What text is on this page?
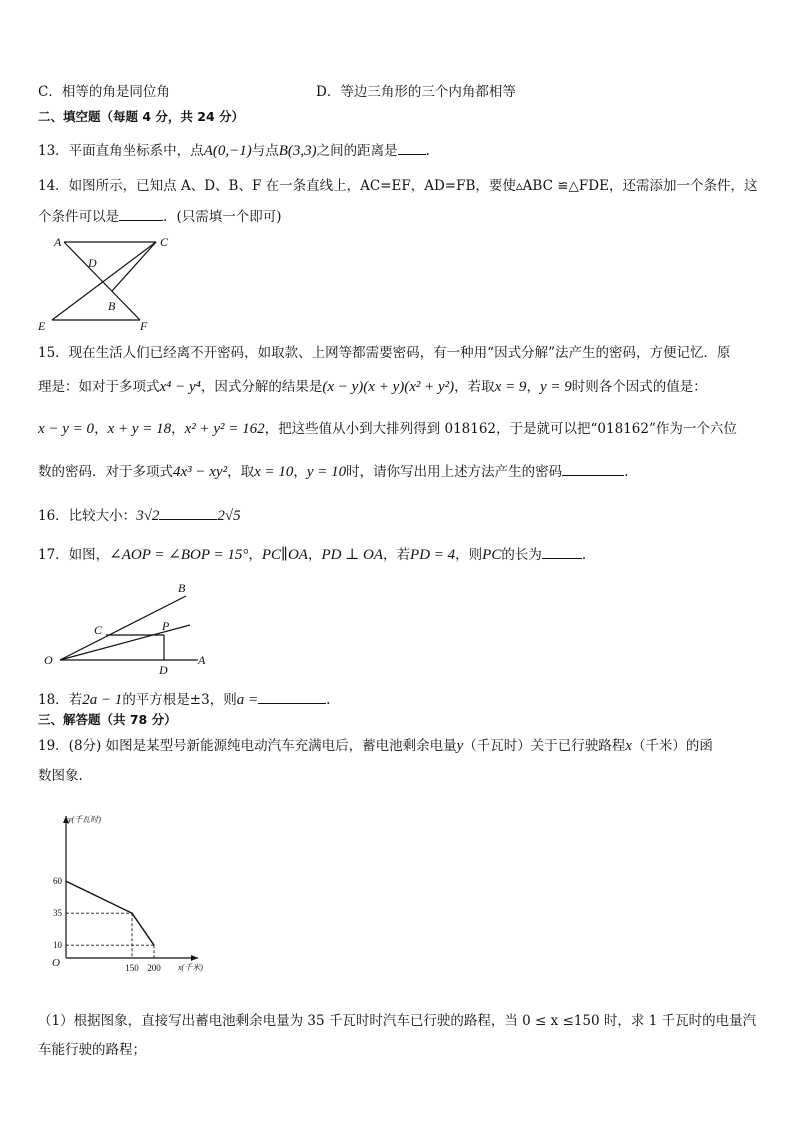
C．相等的角是同位角	D．等边三角形的三个内角都相等
二、填空题（每题 4 分，共 24 分）
13．平面直角坐标系中，点A(0,−1)与点B(3,3)之间的距离是 .
14．如图所示，已知点 A、D、B、F 在一条直线上，AC=EF，AD=FB，要使▵ABC ≌△FDE，还需添加一个条件，这
个条件可以是	．(只需填一个即可)
A	C
D
B
E	F
15．现在生活人们已经离不开密码，如取款、上网等都需要密码，有一种用“因式分解”法产生的密码，方便记忆．原
理是：如对于多项式x⁴ − y⁴，因式分解的结果是(x − y)(x + y)(x² + y²)，若取x = 9，y = 9时则各个因式的值是：
x − y = 0，x + y = 18，x² + y² = 162，把这些值从小到大排列得到 018162，于是就可以把“018162”作为一个六位
数的密码．对于多项式4x³ − xy²，取x = 10，y = 10时，请你写出用上述方法产生的密码	.
16．比较大小：3√2	2√5
17．如图，∠AOP = ∠BOP = 15°，PC∥OA，PD ⊥ OA，若PD = 4，则PC的长为	.
B
C	P
O
D
A
18．若2a − 1的平方根是±3，则a =	.
三、解答题（共 78 分）
19．(8分) 如图是某型号新能源纯电动汽车充满电后，蓄电池剩余电量y（千瓦时）关于已行驶路程x（千米）的函
数图象.
60
35
10
150 200
y(千瓦时)
x(千米)
O
（1）根据图象，直接写出蓄电池剩余电量为 35 千瓦时时汽车已行驶的路程，当 0 ≤ x ≤150 时，求 1 千瓦时的电量汽
车能行驶的路程；
